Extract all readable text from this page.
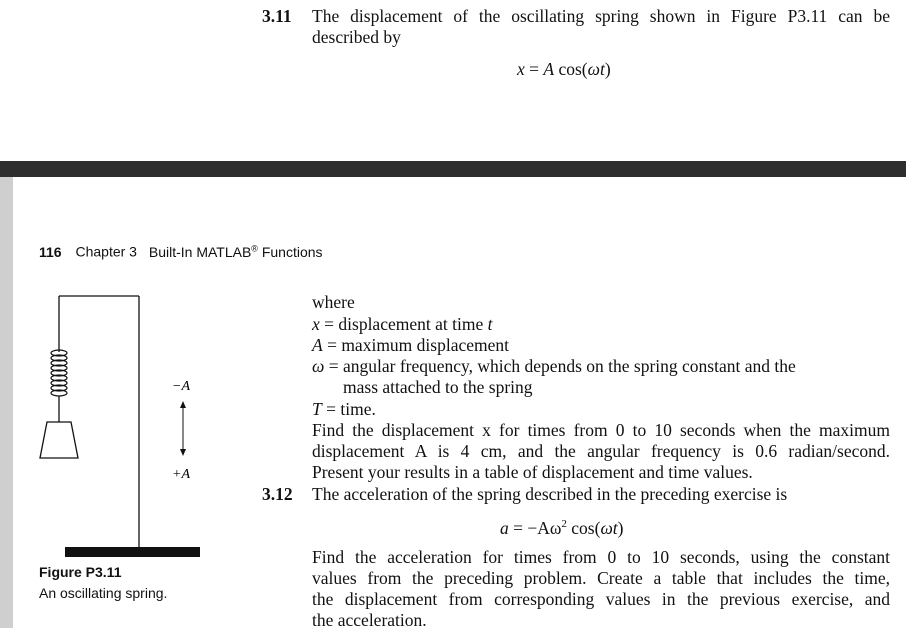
3.11 The displacement of the oscillating spring shown in Figure P3.11 can be
described by
x = A cos(ωt)
116 Chapter 3 Built-In MATLAB® Functions
−A
+A
Figure P3.11
An oscillating spring.
where
x = displacement at time t
A = maximum displacement
ω = angular frequency, which depends on the spring constant and the
mass attached to the spring
T = time.
Find the displacement x for times from 0 to 10 seconds when the maximum
displacement A is 4 cm, and the angular frequency is 0.6 radian/second.
Present your results in a table of displacement and time values.
3.12 The acceleration of the spring described in the preceding exercise is
$a = -A\omega^2$ cos(ωt)
Find the acceleration for times from 0 to 10 seconds, using the constant
values from the preceding problem. Create a table that includes the time,
the displacement from corresponding values in the previous exercise, and
the acceleration.
